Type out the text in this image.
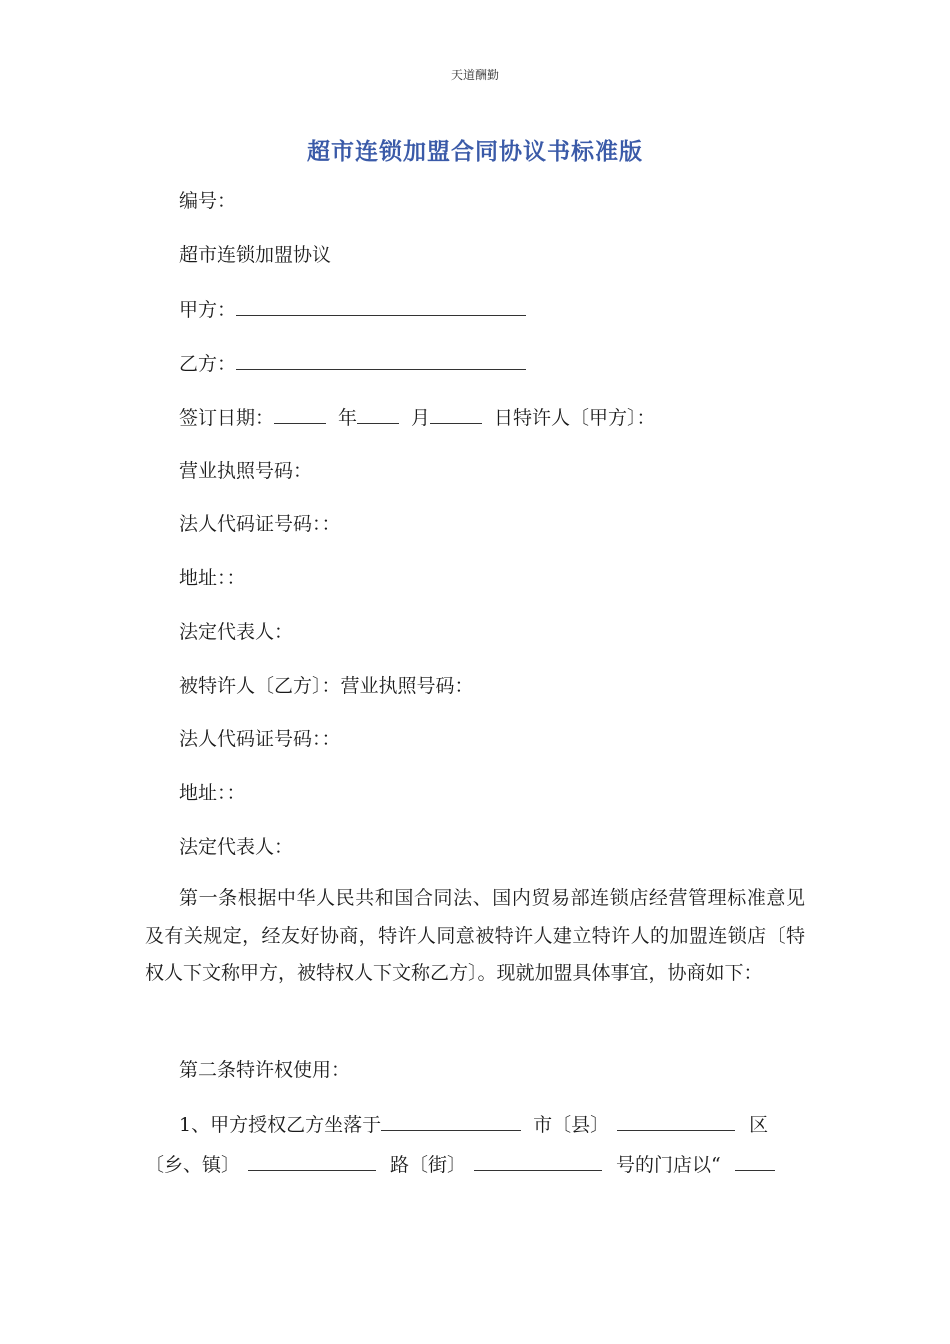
天道酬勤
超市连锁加盟合同协议书标准版
编号：
超市连锁加盟协议
甲方：
乙方：
签订日期：	年	月	日特许人〔甲方〕：
营业执照号码：
法人代码证号码：：
地址：：
法定代表人：
被特许人〔乙方〕：营业执照号码：
法人代码证号码：：
地址：：
法定代表人：
第一条根据中华人民共和国合同法、国内贸易部连锁店经营管理标准意见及有关规定，经友好协商，特许人同意被特许人建立特许人的加盟连锁店〔特权人下文称甲方，被特权人下文称乙方〕。现就加盟具体事宜，协商如下：
第二条特许权使用：
1、甲方授权乙方坐落于	市〔县〕	区
〔乡、镇〕	路〔街〕	号的门店以“
